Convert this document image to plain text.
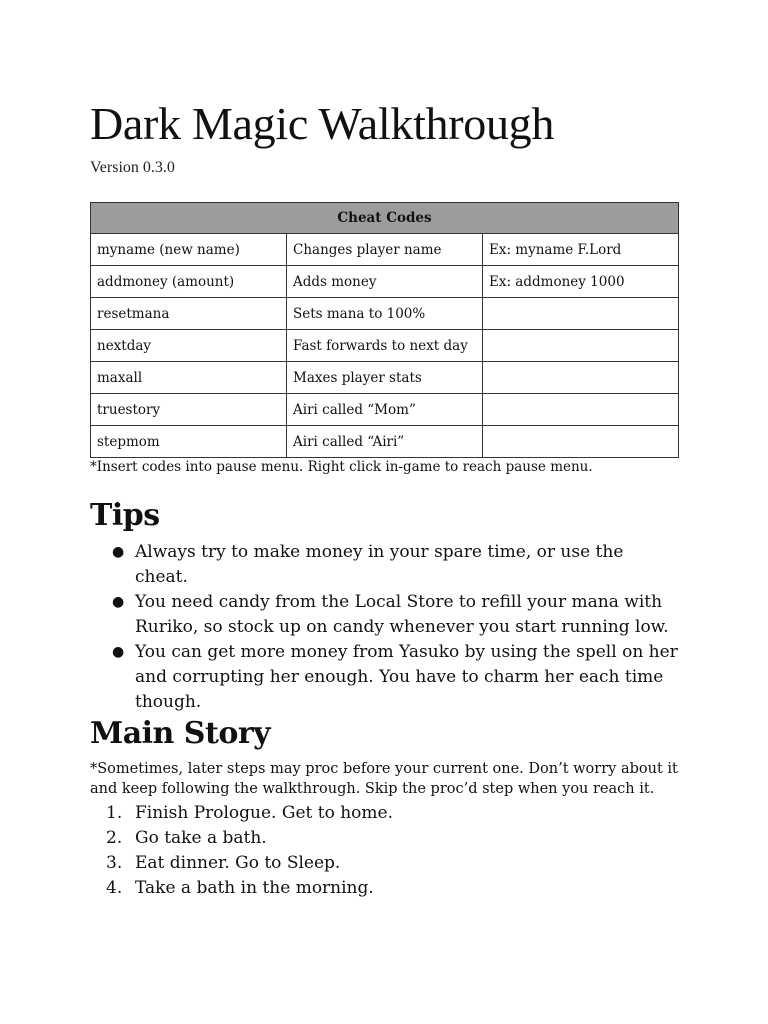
Dark Magic Walkthrough
Version 0.3.0
Cheat Codes		
myname (new name)	Changes player name	Ex: myname F.Lord
addmoney (amount)	Adds money	Ex: addmoney 1000
resetmana	Sets mana to 100%	
nextday	Fast forwards to next day	
maxall	Maxes player stats	
truestory	Airi called “Mom”	
stepmom	Airi called “Airi”	
*Insert codes into pause menu. Right click in-game to reach pause menu.
Tips
● Always try to make money in your spare time, or use the cheat.
● You need candy from the Local Store to refill your mana with Ruriko, so stock up on candy whenever you start running low.
● You can get more money from Yasuko by using the spell on her and corrupting her enough. You have to charm her each time though.
Main Story
*Sometimes, later steps may proc before your current one. Don’t worry about it and keep following the walkthrough. Skip the proc’d step when you reach it.
1. Finish Prologue. Get to home.
2. Go take a bath.
3. Eat dinner. Go to Sleep.
4. Take a bath in the morning.
